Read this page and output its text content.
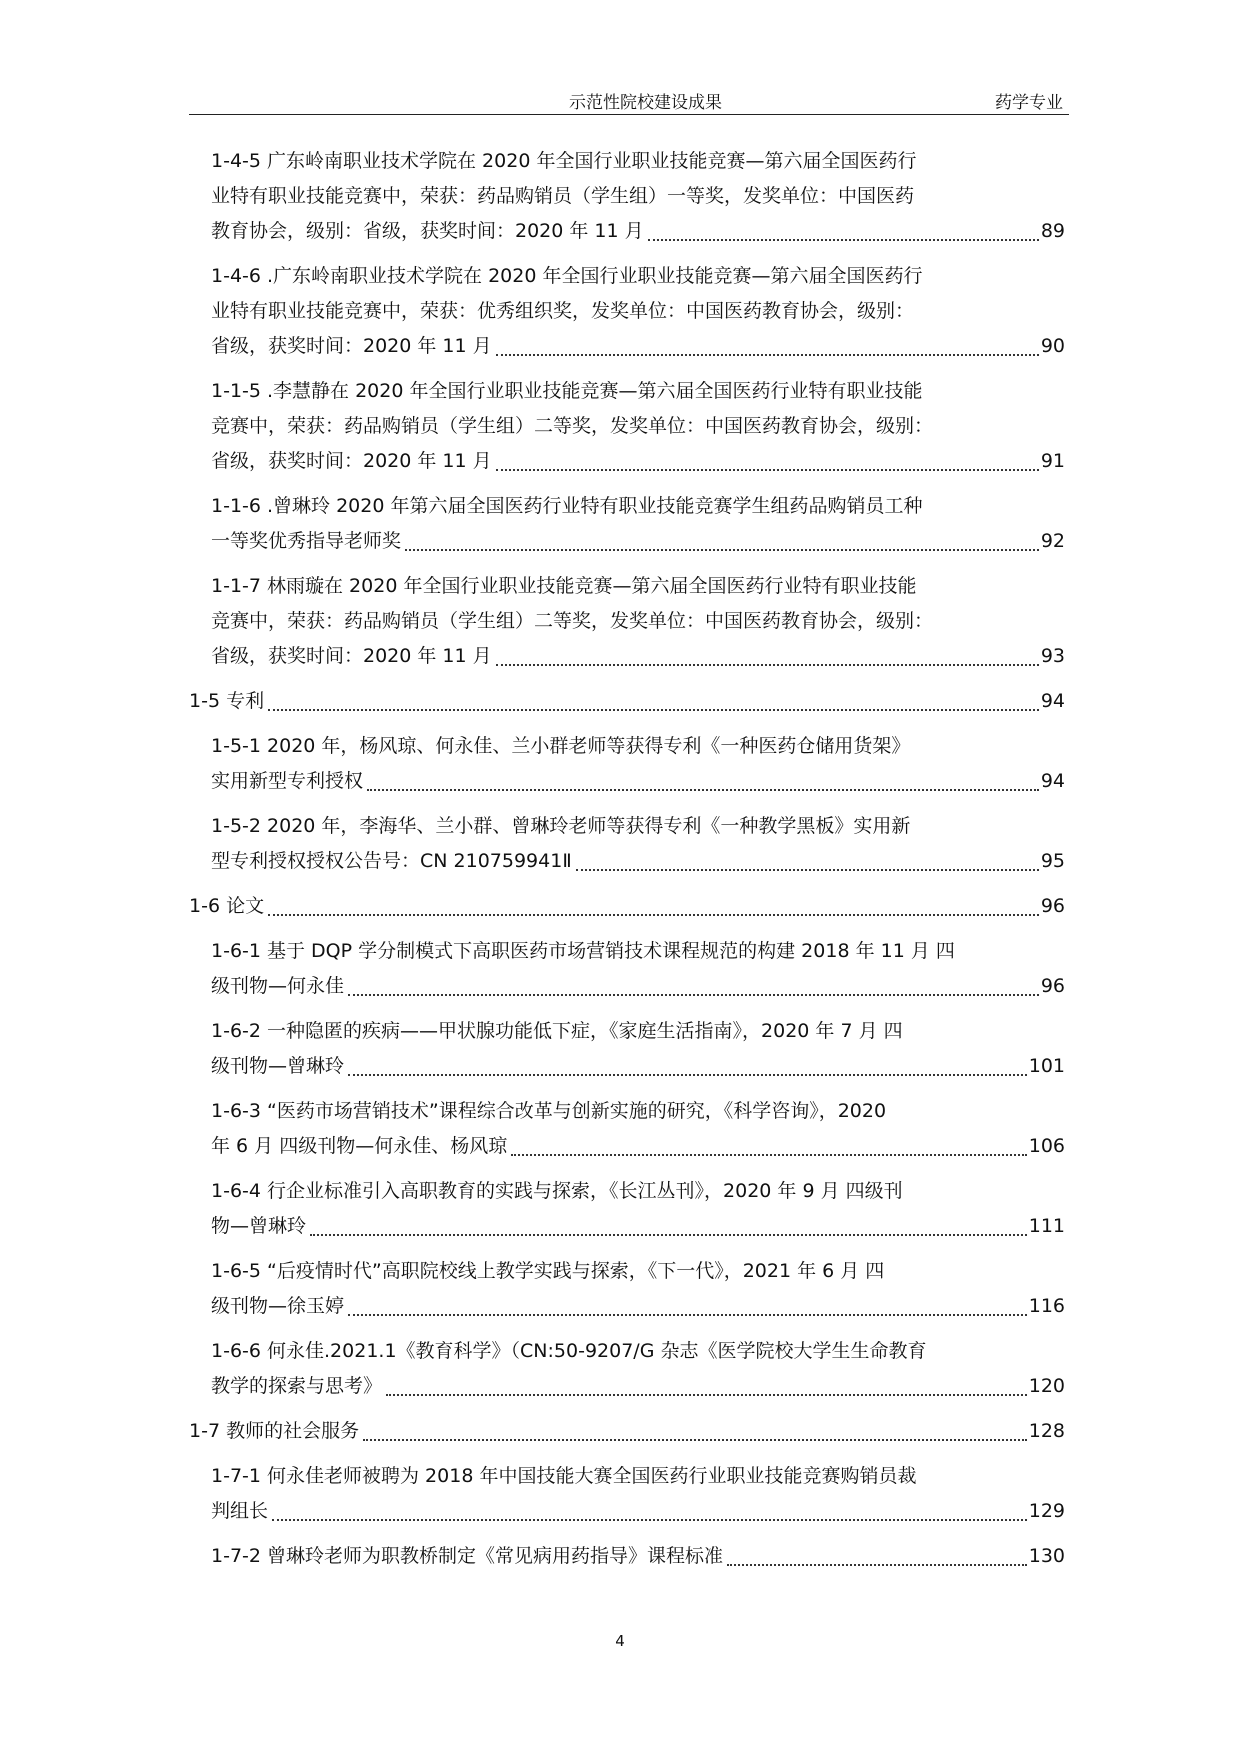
示范性院校建设成果	药学专业
1-4-5 广东岭南职业技术学院在 2020 年全国行业职业技能竞赛—第六届全国医药行
业特有职业技能竞赛中，荣获：药品购销员（学生组）一等奖，发奖单位：中国医药
教育协会，级别：省级，获奖时间：2020 年 11 月	89
1-4-6 .广东岭南职业技术学院在 2020 年全国行业职业技能竞赛—第六届全国医药行
业特有职业技能竞赛中，荣获：优秀组织奖，发奖单位：中国医药教育协会，级别：
省级，获奖时间：2020 年 11 月	90
1-1-5 .李慧静在 2020 年全国行业职业技能竞赛—第六届全国医药行业特有职业技能
竞赛中，荣获：药品购销员（学生组）二等奖，发奖单位：中国医药教育协会，级别：
省级，获奖时间：2020 年 11 月	91
1-1-6 .曾琳玲 2020 年第六届全国医药行业特有职业技能竞赛学生组药品购销员工种
一等奖优秀指导老师奖	92
1-1-7 林雨璇在 2020 年全国行业职业技能竞赛—第六届全国医药行业特有职业技能
竞赛中，荣获：药品购销员（学生组）二等奖，发奖单位：中国医药教育协会，级别：
省级，获奖时间：2020 年 11 月	93
1-5 专利	94
1-5-1 2020 年，杨风琼、何永佳、兰小群老师等获得专利《一种医药仓储用货架》
实用新型专利授权	94
1-5-2 2020 年，李海华、兰小群、曾琳玲老师等获得专利《一种教学黑板》实用新
型专利授权授权公告号：CN 210759941Ⅱ	95
1-6 论文	96
1-6-1 基于 DQP 学分制模式下高职医药市场营销技术课程规范的构建 2018 年 11 月 四
级刊物—何永佳	96
1-6-2 一种隐匿的疾病——甲状腺功能低下症，《家庭生活指南》，2020 年 7 月 四
级刊物—曾琳玲	101
1-6-3 “医药市场营销技术”课程综合改革与创新实施的研究，《科学咨询》，2020
年 6 月 四级刊物—何永佳、杨风琼	106
1-6-4 行企业标准引入高职教育的实践与探索，《长江丛刊》，2020 年 9 月 四级刊
物—曾琳玲	111
1-6-5 “后疫情时代”高职院校线上教学实践与探索，《下一代》，2021 年 6 月 四
级刊物—徐玉婷	116
1-6-6 何永佳.2021.1《教育科学》（CN:50-9207/G 杂志《医学院校大学生生命教育
教学的探索与思考》	120
1-7 教师的社会服务	128
1-7-1 何永佳老师被聘为 2018 年中国技能大赛全国医药行业职业技能竞赛购销员裁
判组长	129
1-7-2 曾琳玲老师为职教桥制定《常见病用药指导》课程标准	130
4
